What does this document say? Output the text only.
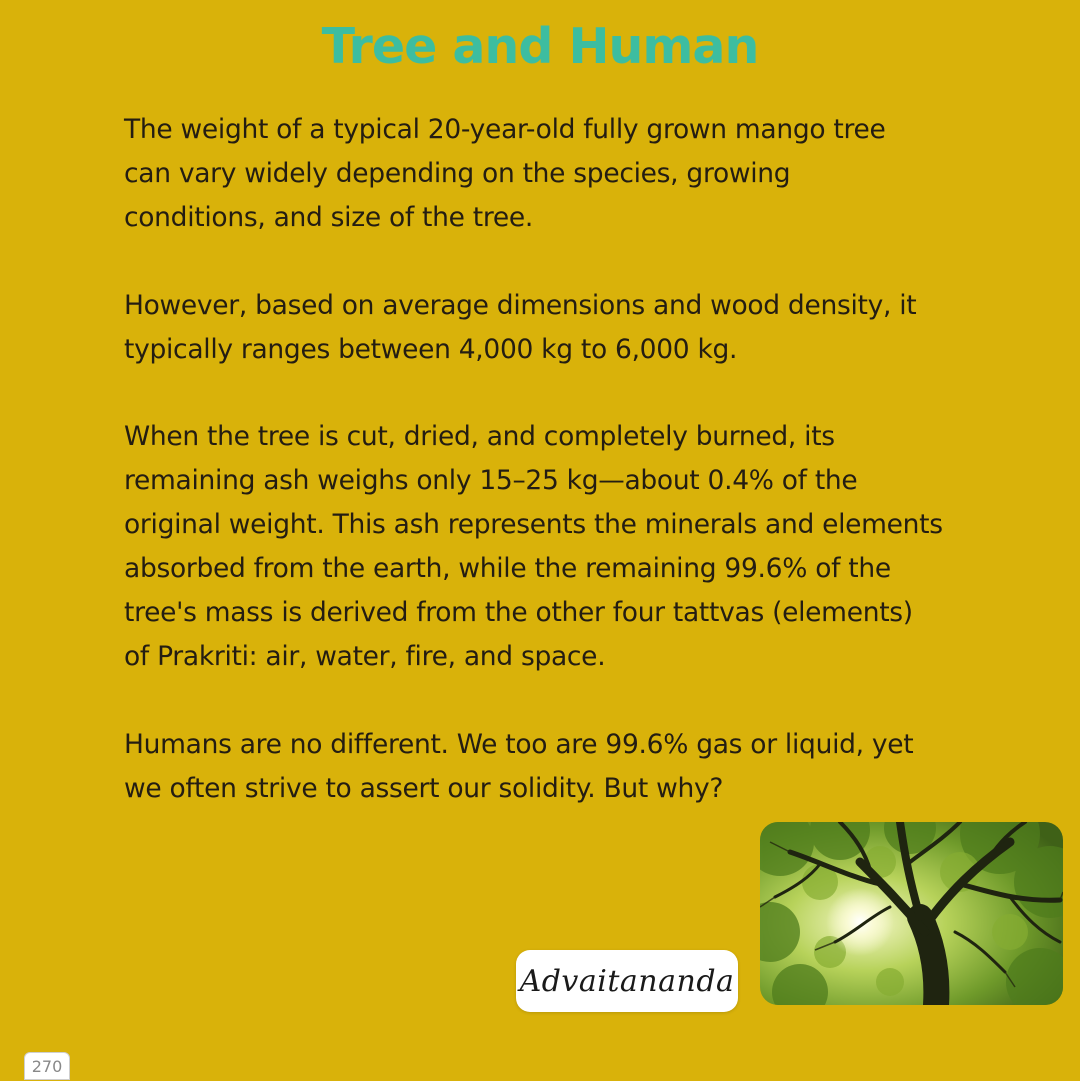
Tree and Human

The weight of a typical 20-year-old fully grown mango tree
can vary widely depending on the species, growing
conditions, and size of the tree.

However, based on average dimensions and wood density, it
typically ranges between 4,000 kg to 6,000 kg.

When the tree is cut, dried, and completely burned, its
remaining ash weighs only 15–25 kg—about 0.4% of the
original weight. This ash represents the minerals and elements
absorbed from the earth, while the remaining 99.6% of the
tree's mass is derived from the other four tattvas (elements)
of Prakriti: air, water, fire, and space.

Humans are no different. We too are 99.6% gas or liquid, yet
we often strive to assert our solidity. But why?

Advaitananda
270
